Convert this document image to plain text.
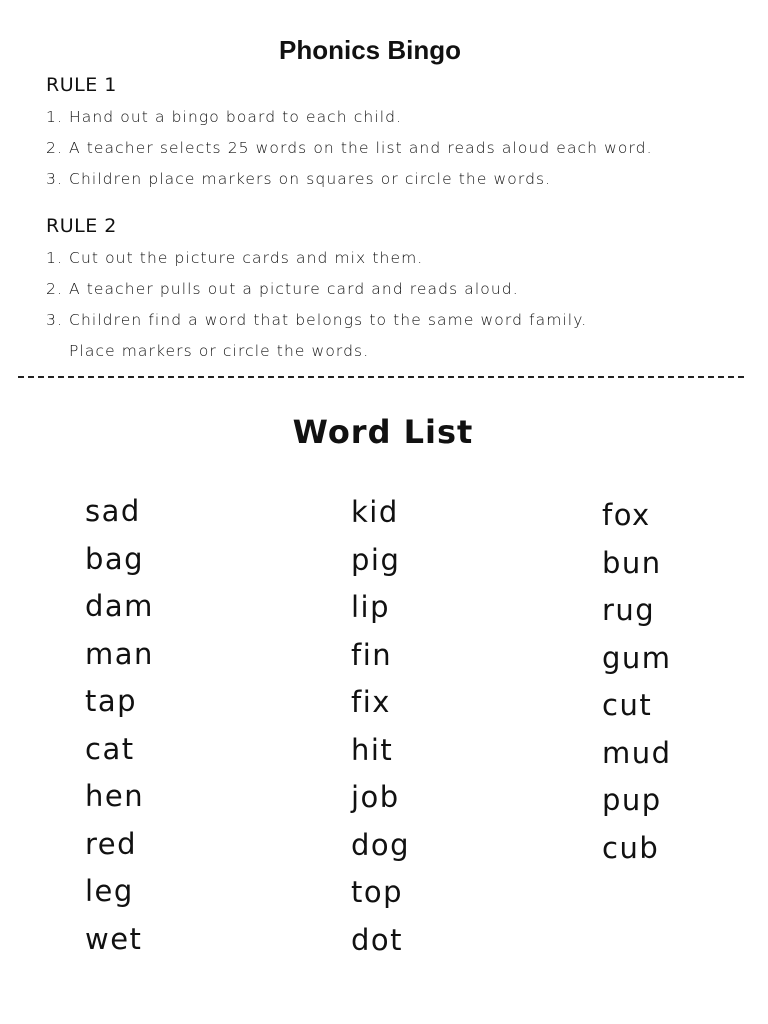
Phonics Bingo
RULE 1

1. Hand out a bingo board to each child.

2. A teacher selects 25 words on the list and reads aloud each word.

3. Children place markers on squares or circle the words.

RULE 2

1. Cut out the picture cards and mix them.

2. A teacher pulls out a picture card and reads aloud.

3. Children find a word that belongs to the same word family.

Place markers or circle the words.

Word List
sad
bag
dam
man
tap
cat
hen
red
leg
wet
kid
pig
lip
fin
fix
hit
job
dog
top
dot
fox
bun
rug
gum
cut
mud
pup
cub
